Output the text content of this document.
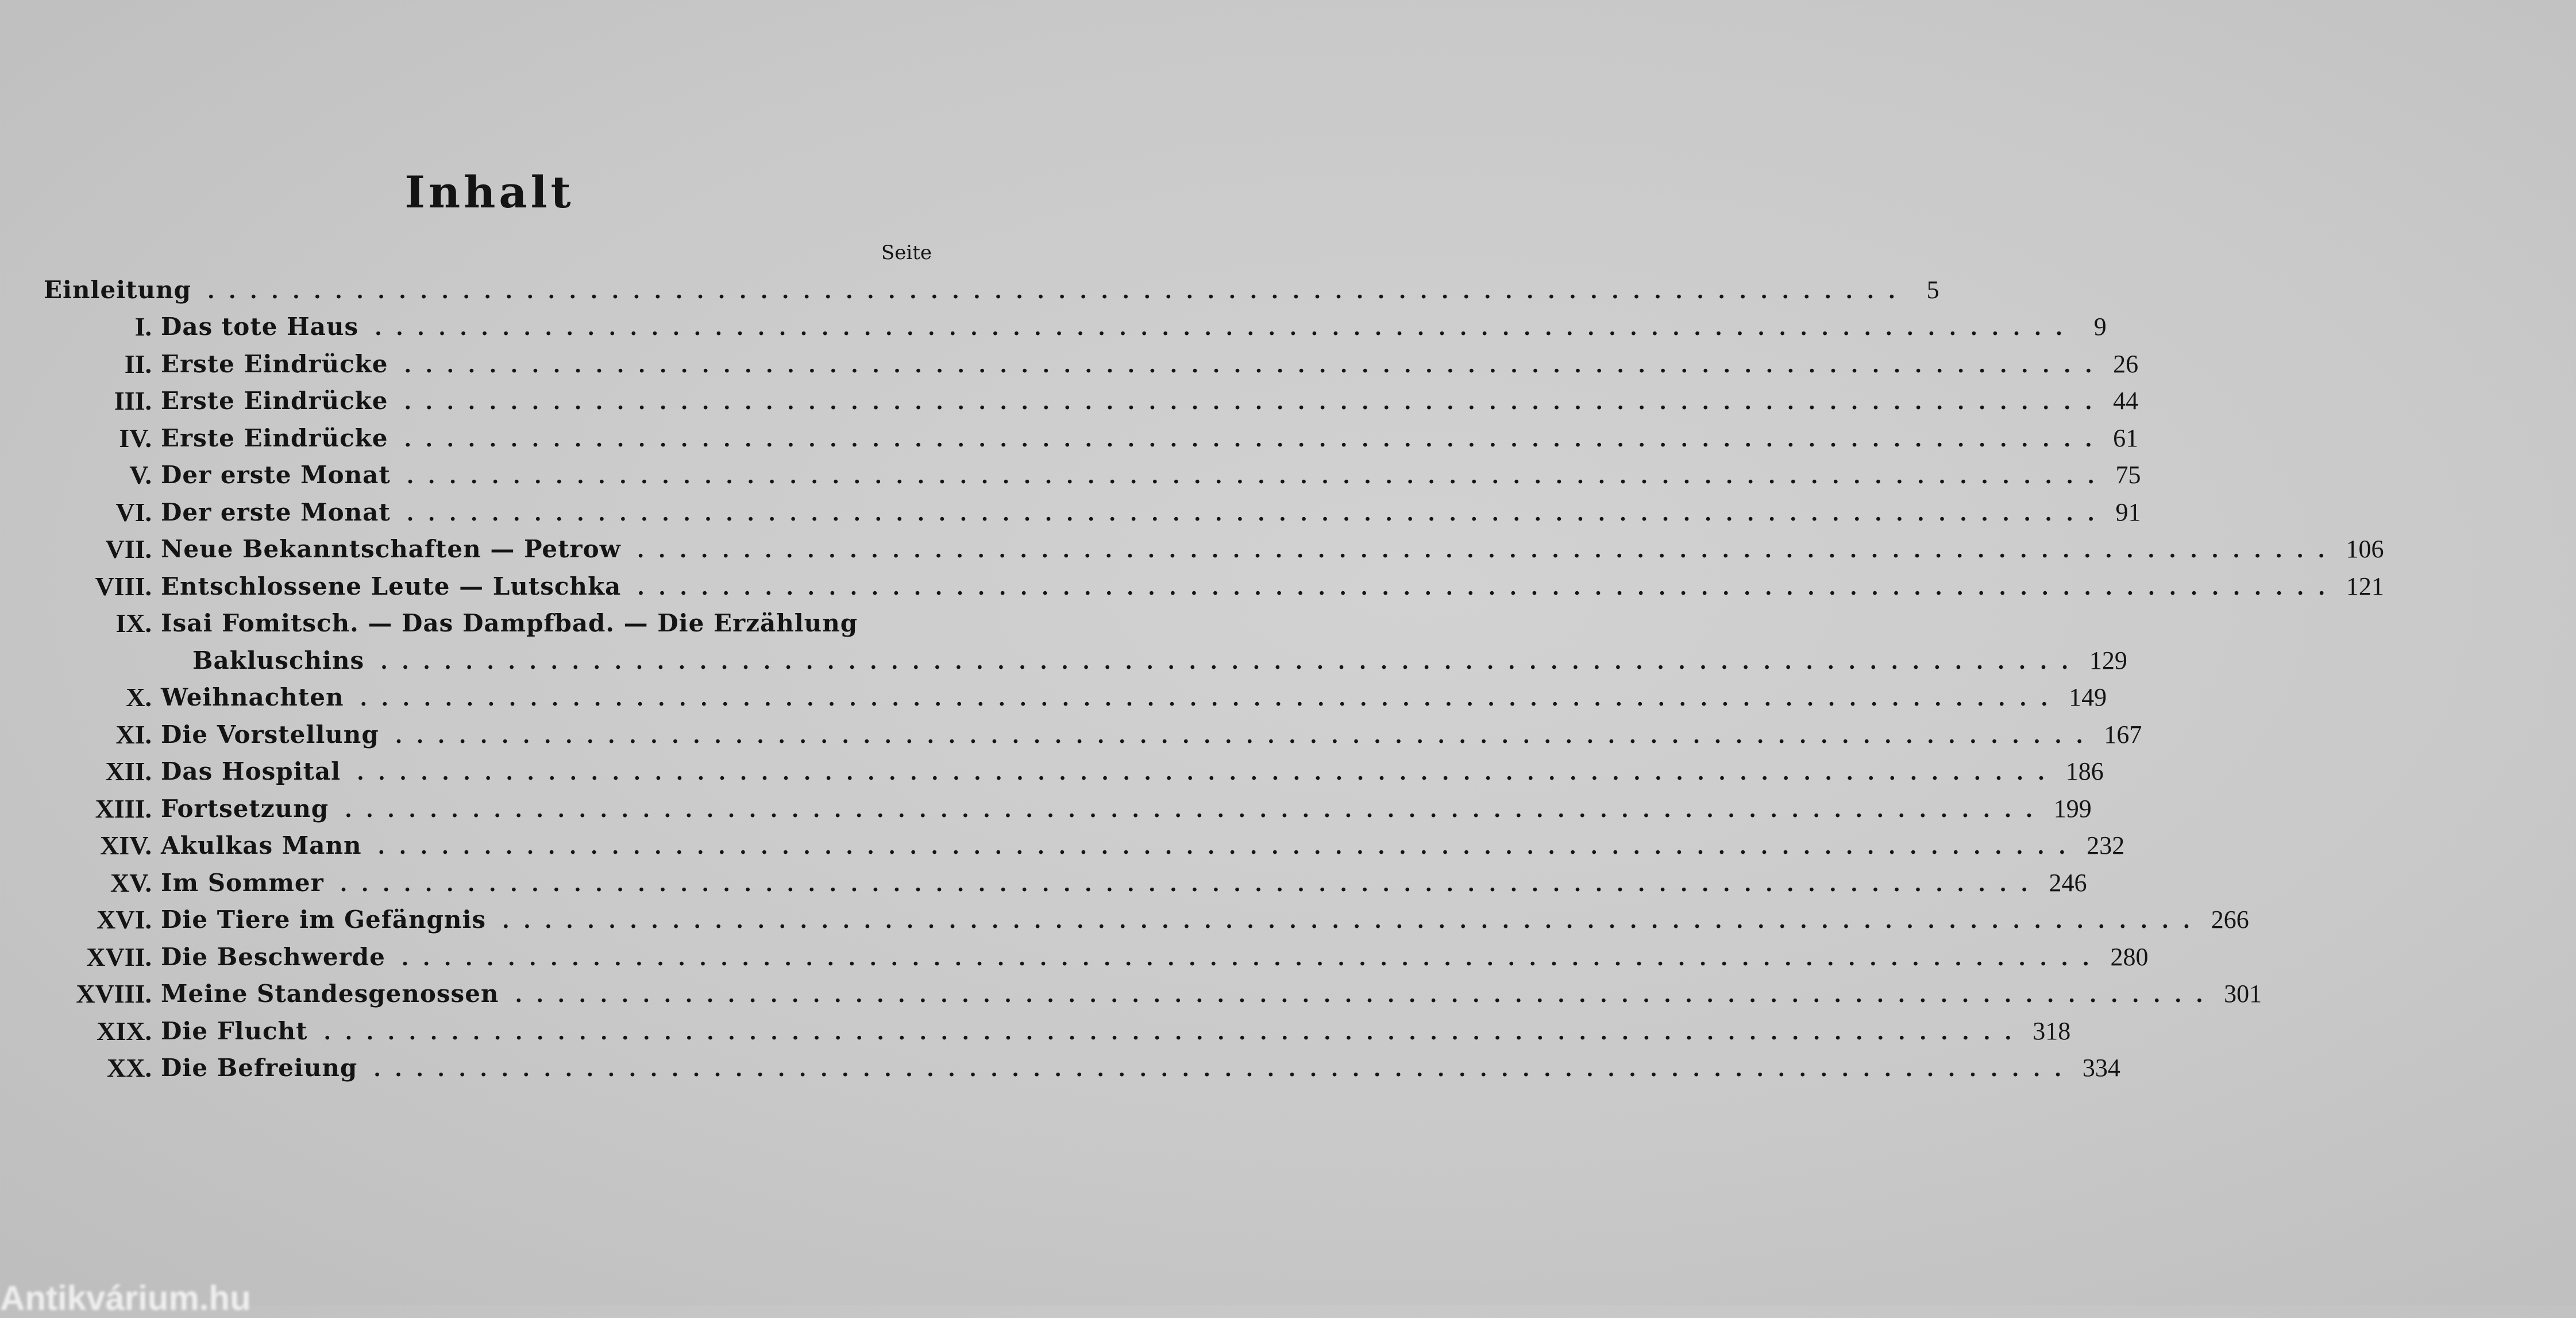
Inhalt
Seite
Einleitung ................................................................................ 5
I. Das tote Haus ................................................................................ 9
II. Erste Eindrücke ................................................................................ 26
III. Erste Eindrücke ................................................................................ 44
IV. Erste Eindrücke ................................................................................ 61
V. Der erste Monat ................................................................................ 75
VI. Der erste Monat ................................................................................ 91
VII. Neue Bekanntschaften — Petrow ................................................................................ 106
VIII. Entschlossene Leute — Lutschka ................................................................................ 121
IX. Isai Fomitsch. — Das Dampfbad. — Die Erzählung
Bakluschins ................................................................................ 129
X. Weihnachten ................................................................................ 149
XI. Die Vorstellung ................................................................................ 167
XII. Das Hospital ................................................................................ 186
XIII. Fortsetzung ................................................................................ 199
XIV. Akulkas Mann ................................................................................ 232
XV. Im Sommer ................................................................................ 246
XVI. Die Tiere im Gefängnis ................................................................................ 266
XVII. Die Beschwerde ................................................................................ 280
XVIII. Meine Standesgenossen ................................................................................ 301
XIX. Die Flucht ................................................................................ 318
XX. Die Befreiung ................................................................................ 334
Antikvárium.hu
